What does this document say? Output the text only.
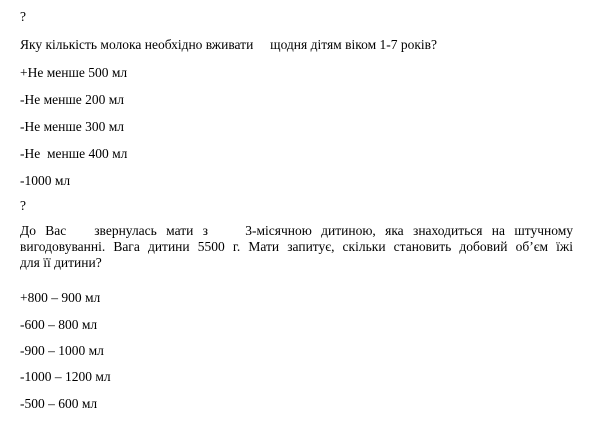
?
Яку кількість молока необхідно вживати     щодня дітям віком 1-7 років?
+Не менше 500 мл
-Не менше 200 мл
-Не менше 300 мл
-Не  менше 400 мл
-1000 мл
?
До Вас   звернулась мати з    3-місячною дитиною, яка знаходиться на штучному
вигодовуванні. Вага дитини 5500 г. Мати запитує, скільки становить добовий об’єм їжі
для її дитини?
+800 – 900 мл
-600 – 800 мл
-900 – 1000 мл
-1000 – 1200 мл
-500 – 600 мл
